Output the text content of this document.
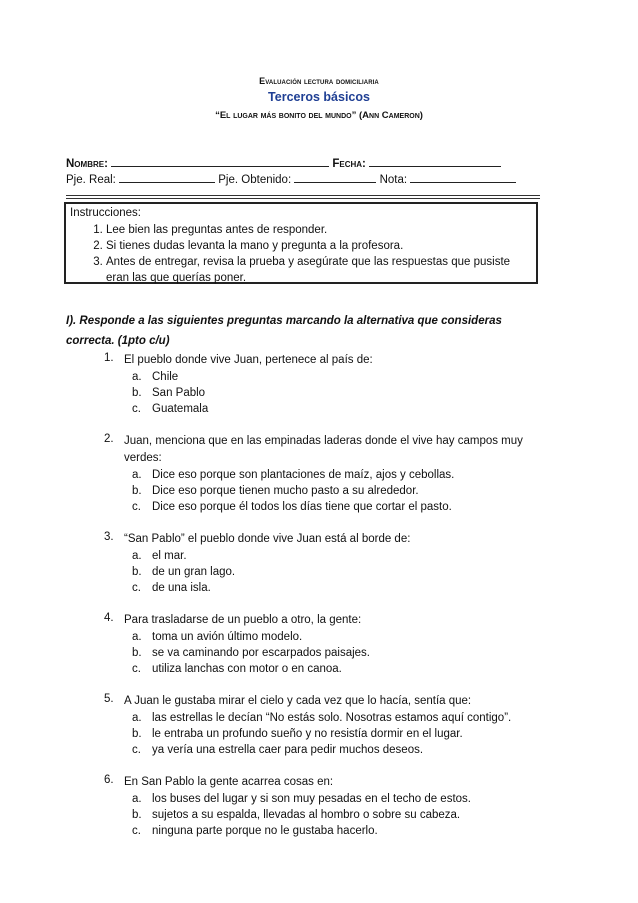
Evaluación lectura domiciliaria
Terceros básicos
“El lugar más bonito del mundo” (Ann Cameron)
Nombre:	Fecha:
Pje. Real:	Pje. Obtenido:	Nota:
Instrucciones:
1. Lee bien las preguntas antes de responder.
2. Si tienes dudas levanta la mano y pregunta a la profesora.
3. Antes de entregar, revisa la prueba y asegúrate que las respuestas que pusiste eran las que querías poner.
I). Responde a las siguientes preguntas marcando la alternativa que consideras correcta. (1pto c/u)
1. El pueblo donde vive Juan, pertenece al país de:
a. Chile
b. San Pablo
c. Guatemala
2. Juan, menciona que en las empinadas laderas donde el vive hay campos muy verdes:
a. Dice eso porque son plantaciones de maíz, ajos y cebollas.
b. Dice eso porque tienen mucho pasto a su alrededor.
c. Dice eso porque él todos los días tiene que cortar el pasto.
3. “San Pablo” el pueblo donde vive Juan está al borde de:
a. el mar.
b. de un gran lago.
c. de una isla.
4. Para trasladarse de un pueblo a otro, la gente:
a. toma un avión último modelo.
b. se va caminando por escarpados paisajes.
c. utiliza lanchas con motor o en canoa.
5. A Juan le gustaba mirar el cielo y cada vez que lo hacía, sentía que:
a. las estrellas le decían “No estás solo. Nosotras estamos aquí contigo”.
b. le entraba un profundo sueño y no resistía dormir en el lugar.
c. ya vería una estrella caer para pedir muchos deseos.
6. En San Pablo la gente acarrea cosas en:
a. los buses del lugar y si son muy pesadas en el techo de estos.
b. sujetos a su espalda, llevadas al hombro o sobre su cabeza.
c. ninguna parte porque no le gustaba hacerlo.
